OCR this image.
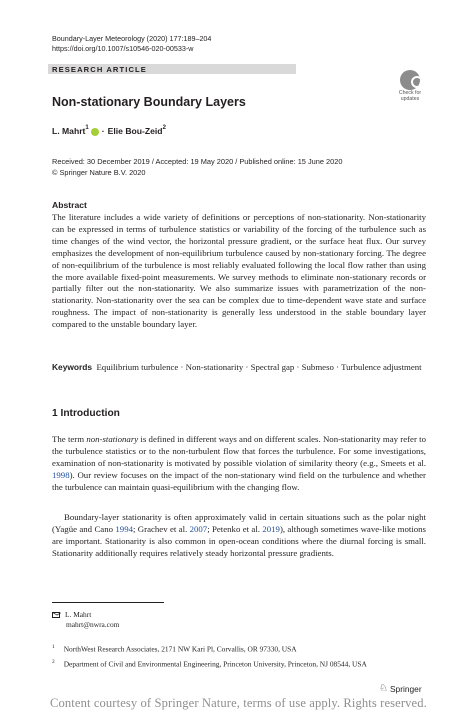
Boundary-Layer Meteorology (2020) 177:189–204
https://doi.org/10.1007/s10546-020-00533-w
RESEARCH ARTICLE
Check for
updates
Non-stationary Boundary Layers
L. Mahrt 1 · Elie Bou-Zeid 2
Received: 30 December 2019 / Accepted: 19 May 2020 / Published online: 15 June 2020
© Springer Nature B.V. 2020
Abstract
The literature includes a wide variety of definitions or perceptions of non-stationarity. Non-stationarity can be expressed in terms of turbulence statistics or variability of the forcing of the turbulence such as time changes of the wind vector, the horizontal pressure gradient, or the surface heat flux. Our survey emphasizes the development of non-equilibrium turbulence caused by non-stationary forcing. The degree of non-equilibrium of the turbulence is most reliably evaluated following the local flow rather than using the more available fixed-point measurements. We survey methods to eliminate non-stationary records or partially filter out the non-stationarity. We also summarize issues with parametrization of the non-stationarity. Non-stationarity over the sea can be complex due to time-dependent wave state and surface roughness. The impact of non-stationarity is generally less understood in the stable boundary layer compared to the unstable boundary layer.
Keywords Equilibrium turbulence · Non-stationarity · Spectral gap · Submeso · Turbulence adjustment
1 Introduction
The term non-stationary is defined in different ways and on different scales. Non-stationarity may refer to the turbulence statistics or to the non-turbulent flow that forces the turbulence. For some investigations, examination of non-stationarity is motivated by possible violation of similarity theory (e.g., Smeets et al. 1998). Our review focuses on the impact of the non-stationary wind field on the turbulence and whether the turbulence can maintain quasi-equilibrium with the changing flow.
Boundary-layer stationarity is often approximately valid in certain situations such as the polar night (Yagüe and Cano 1994; Grachev et al. 2007; Petenko et al. 2019), although sometimes wave-like motions are important. Stationarity is also common in open-ocean conditions where the diurnal forcing is small. Stationarity additionally requires relatively steady horizontal pressure gradients.
L. Mahrt
mahrt@nwra.com
$^1$ NorthWest Research Associates, 2171 NW Kari Pl, Corvallis, OR 97330, USA
$^2$ Department of Civil and Environmental Engineering, Princeton University, Princeton, NJ 08544, USA
♘ Springer
Content courtesy of Springer Nature, terms of use apply. Rights reserved.
